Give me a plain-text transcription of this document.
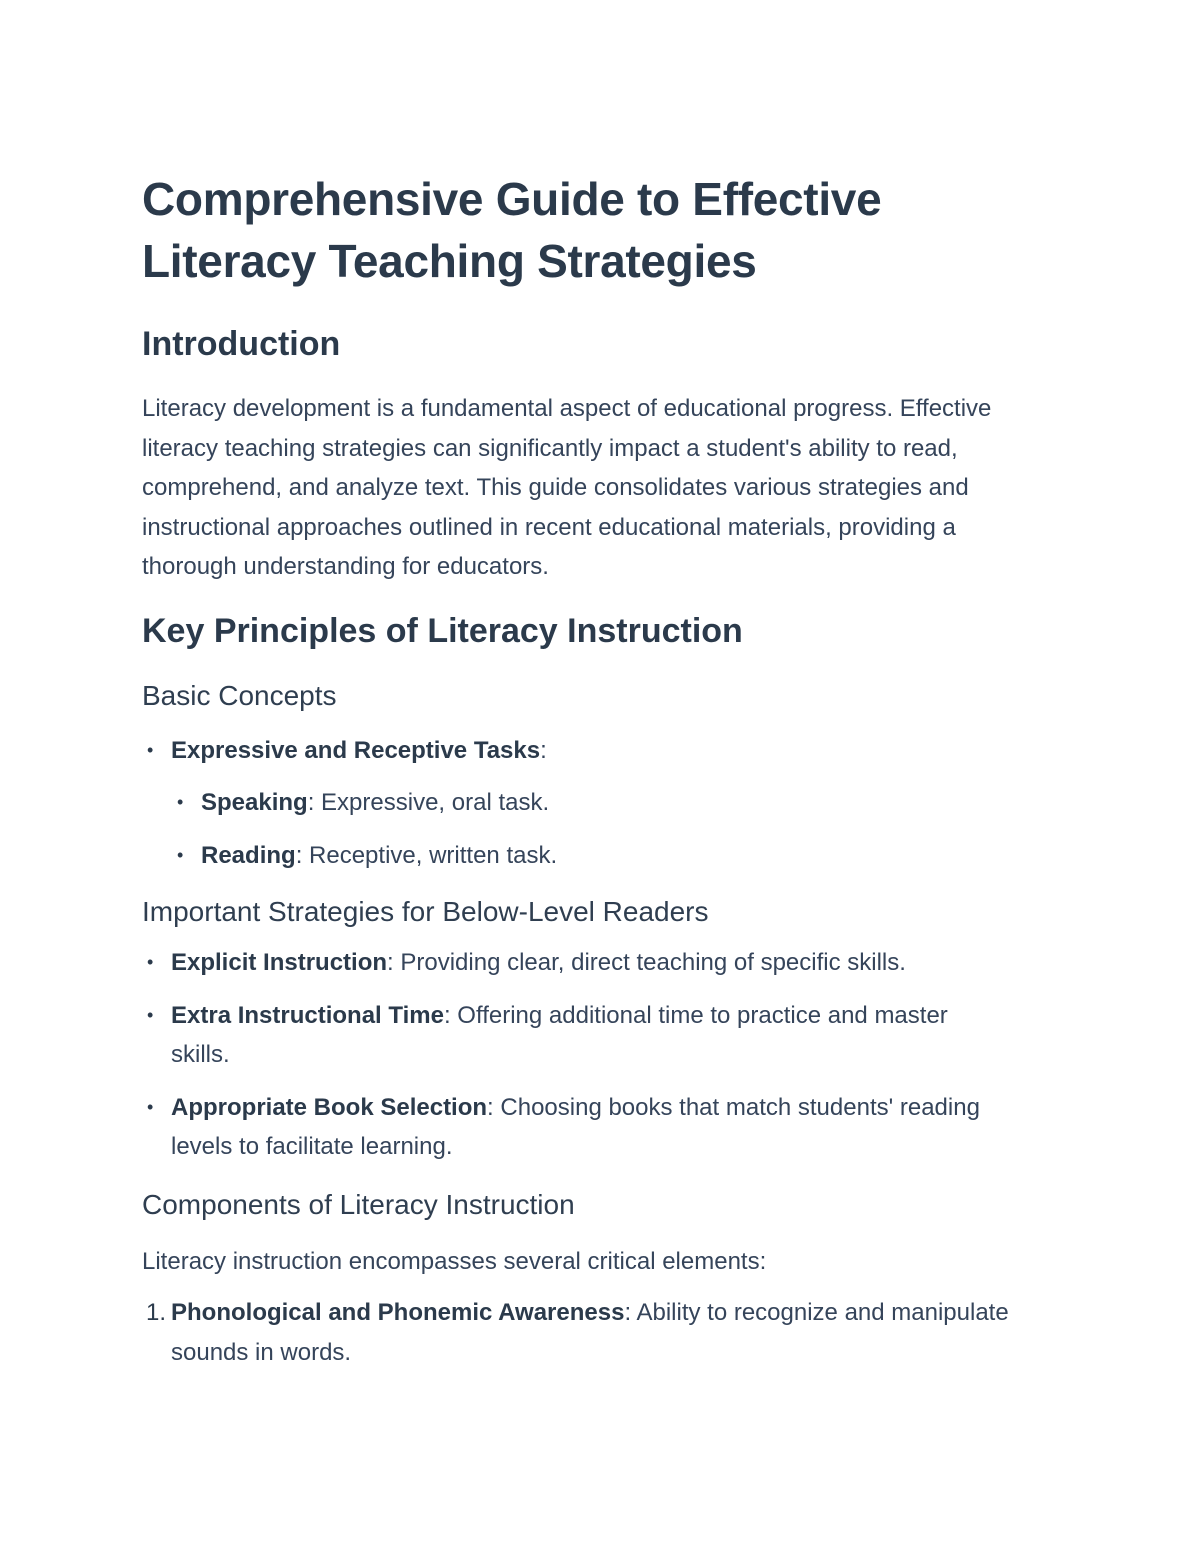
Comprehensive Guide to Effective Literacy Teaching Strategies
Introduction

Literacy development is a fundamental aspect of educational progress. Effective literacy teaching strategies can significantly impact a student's ability to read, comprehend, and analyze text. This guide consolidates various strategies and instructional approaches outlined in recent educational materials, providing a thorough understanding for educators.

Key Principles of Literacy Instruction
Basic Concepts
• Expressive and Receptive Tasks:
• Speaking: Expressive, oral task.
• Reading: Receptive, written task.
Important Strategies for Below-Level Readers
• Explicit Instruction: Providing clear, direct teaching of specific skills.
• Extra Instructional Time: Offering additional time to practice and master skills.
• Appropriate Book Selection: Choosing books that match students' reading levels to facilitate learning.
Components of Literacy Instruction

Literacy instruction encompasses several critical elements:

1. Phonological and Phonemic Awareness: Ability to recognize and manipulate sounds in words.
